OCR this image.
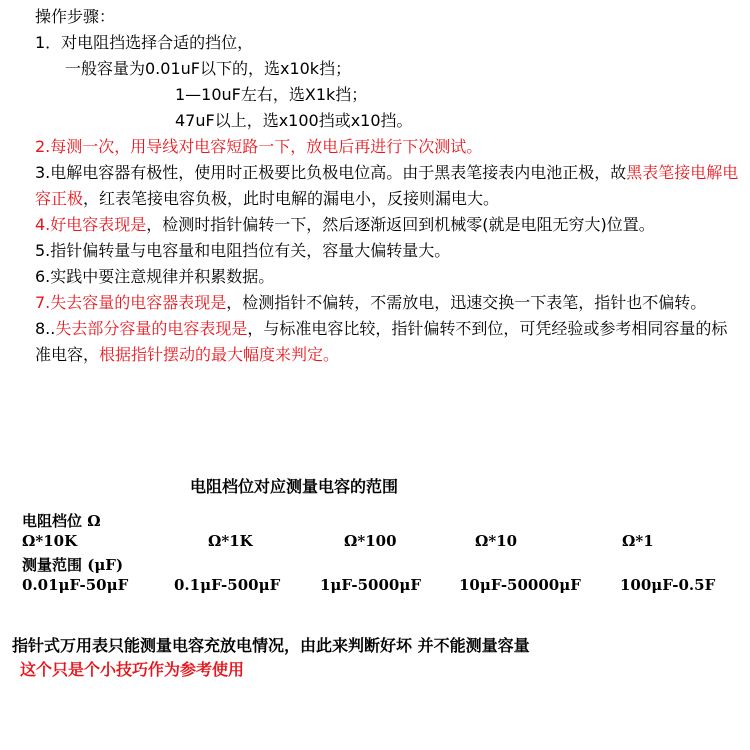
操作步骤：
1．对电阻挡选择合适的挡位，
一般容量为0.01uF以下的，选x10k挡；
1—10uF左右，选X1k挡；
47uF以上，选x100挡或x10挡。
2.每测一次，用导线对电容短路一下，放电后再进行下次测试。
3.电解电容器有极性，使用时正极要比负极电位高。由于黑表笔接表内电池正极，故黑表笔接电解电容正极，红表笔接电容负极，此时电解的漏电小，反接则漏电大。
4.好电容表现是，检测时指针偏转一下，然后逐渐返回到机械零(就是电阻无穷大)位置。
5.指针偏转量与电容量和电阻挡位有关，容量大偏转量大。
6.实践中要注意规律并积累数据。
7.失去容量的电容器表现是，检测指针不偏转，不需放电，迅速交换一下表笔，指针也不偏转。
8..失去部分容量的电容表现是，与标准电容比较，指针偏转不到位，可凭经验或参考相同容量的标准电容，根据指针摆动的最大幅度来判定。
电阻档位对应测量电容的范围
电阻档位 Ω
Ω*10K	Ω*1K	Ω*100	Ω*10	Ω*1
测量范围 (μF)
0.01μF-50μF	0.1μF-500μF	1μF-5000μF	10μF-50000μF	100μF-0.5F
指针式万用表只能测量电容充放电情况，由此来判断好坏 并不能测量容量
这个只是个小技巧作为参考使用
